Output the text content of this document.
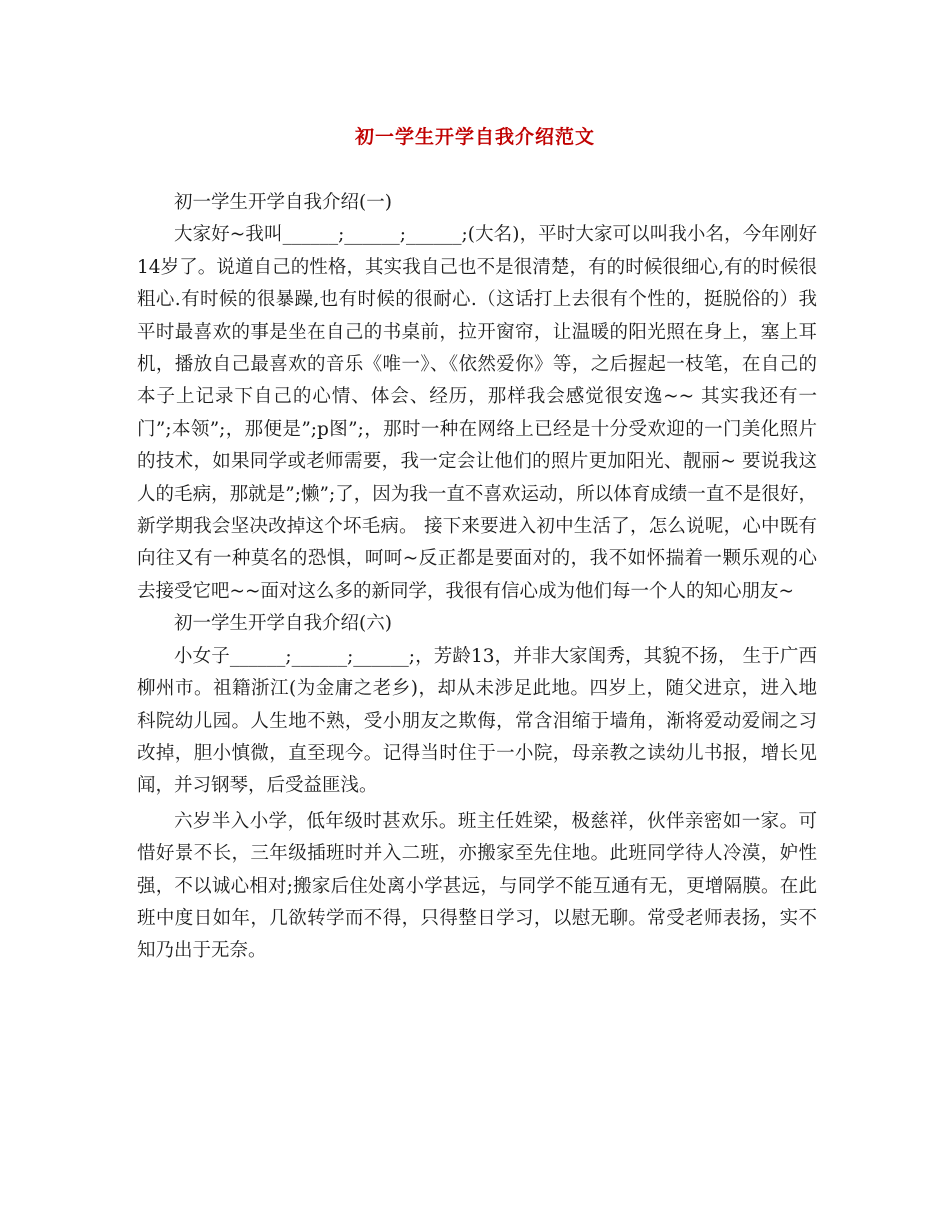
初一学生开学自我介绍范文

初一学生开学自我介绍(一)

大家好~我叫______;______;______;(大名)，平时大家可以叫我小名，今年刚好14岁了。说道自己的性格，其实我自己也不是很清楚，有的时候很细心,有的时候很粗心.有时候的很暴躁,也有时候的很耐心.（这话打上去很有个性的，挺脱俗的）我平时最喜欢的事是坐在自己的书桌前，拉开窗帘，让温暖的阳光照在身上，塞上耳机，播放自己最喜欢的音乐《唯一》、《依然爱你》等，之后握起一枝笔，在自己的本子上记录下自己的心情、体会、经历，那样我会感觉很安逸~~ 其实我还有一门”;本领”;，那便是”;p图”;，那时一种在网络上已经是十分受欢迎的一门美化照片的技术，如果同学或老师需要，我一定会让他们的照片更加阳光、靓丽~ 要说我这人的毛病，那就是”;懒”;了，因为我一直不喜欢运动，所以体育成绩一直不是很好，新学期我会坚决改掉这个坏毛病。 接下来要进入初中生活了，怎么说呢，心中既有向往又有一种莫名的恐惧，呵呵~反正都是要面对的，我不如怀揣着一颗乐观的心去接受它吧~~面对这么多的新同学，我很有信心成为他们每一个人的知心朋友~

初一学生开学自我介绍(六)

小女子______;______;______;，芳龄13，并非大家闺秀，其貌不扬， 生于广西柳州市。祖籍浙江(为金庸之老乡)，却从未涉足此地。四岁上，随父进京，进入地科院幼儿园。人生地不熟，受小朋友之欺侮，常含泪缩于墙角，渐将爱动爱闹之习改掉，胆小慎微，直至现今。记得当时住于一小院，母亲教之读幼儿书报，增长见闻，并习钢琴，后受益匪浅。

六岁半入小学，低年级时甚欢乐。班主任姓梁，极慈祥，伙伴亲密如一家。可惜好景不长，三年级插班时并入二班，亦搬家至先住地。此班同学待人冷漠，妒性强，不以诚心相对;搬家后住处离小学甚远，与同学不能互通有无，更增隔膜。在此班中度日如年，几欲转学而不得，只得整日学习，以慰无聊。常受老师表扬，实不知乃出于无奈。
